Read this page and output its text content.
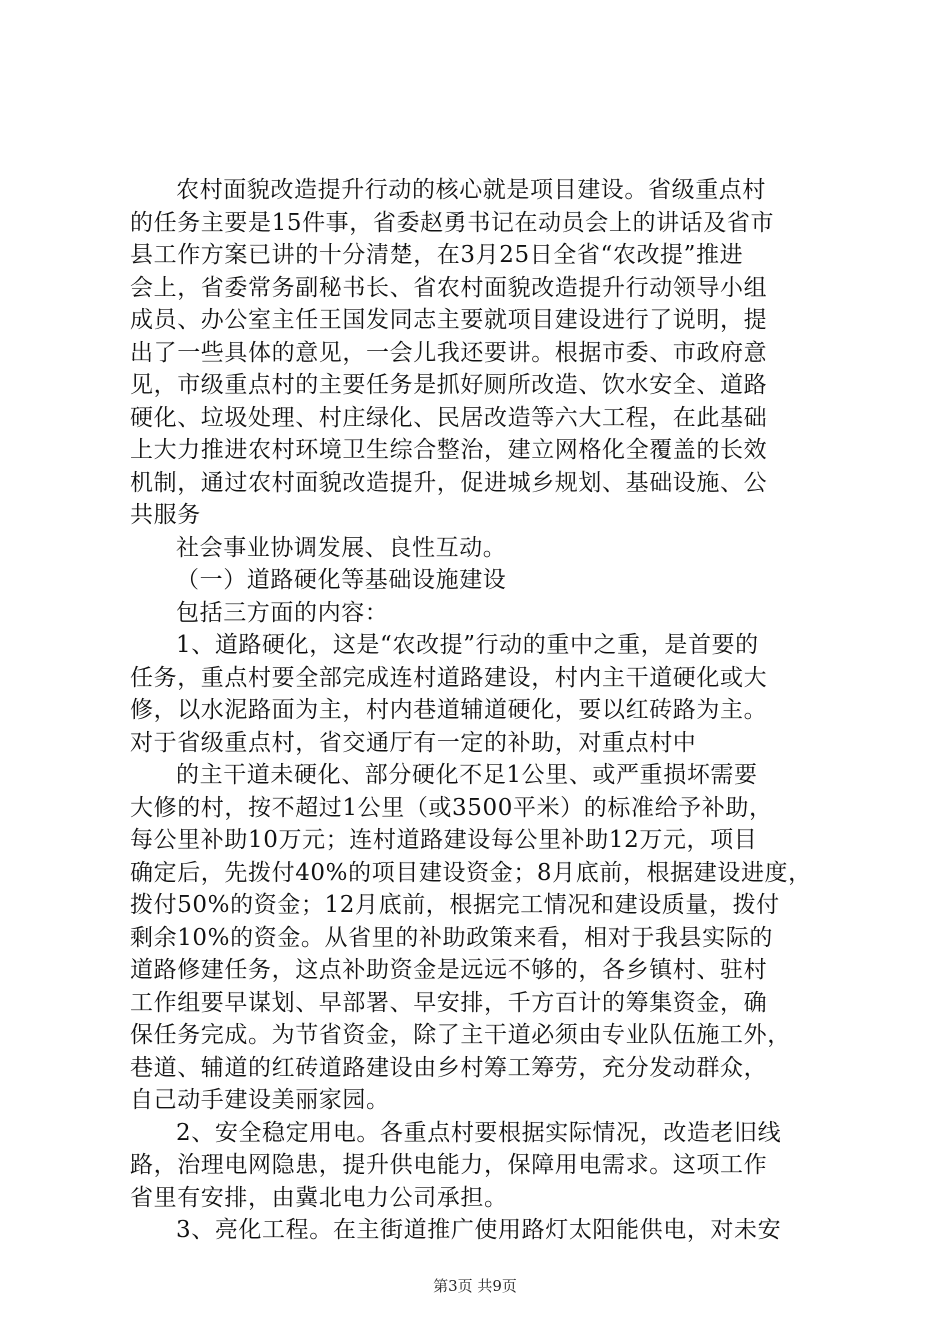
农村面貌改造提升行动的核心就是项目建设。省级重点村
的任务主要是15件事，省委赵勇书记在动员会上的讲话及省市
县工作方案已讲的十分清楚，在3月25日全省“农改提”推进
会上，省委常务副秘书长、省农村面貌改造提升行动领导小组
成员、办公室主任王国发同志主要就项目建设进行了说明，提
出了一些具体的意见，一会儿我还要讲。根据市委、市政府意
见，市级重点村的主要任务是抓好厕所改造、饮水安全、道路
硬化、垃圾处理、村庄绿化、民居改造等六大工程，在此基础
上大力推进农村环境卫生综合整治，建立网格化全覆盖的长效
机制，通过农村面貌改造提升，促进城乡规划、基础设施、公
共服务
社会事业协调发展、良性互动。
（一）道路硬化等基础设施建设
包括三方面的内容：
1、道路硬化，这是“农改提”行动的重中之重，是首要的
任务，重点村要全部完成连村道路建设，村内主干道硬化或大
修，以水泥路面为主，村内巷道辅道硬化，要以红砖路为主。
对于省级重点村，省交通厅有一定的补助，对重点村中
的主干道未硬化、部分硬化不足1公里、或严重损坏需要
大修的村，按不超过1公里（或3500平米）的标准给予补助，
每公里补助10万元；连村道路建设每公里补助12万元，项目
确定后，先拨付40%的项目建设资金；8月底前，根据建设进度，
拨付50%的资金；12月底前，根据完工情况和建设质量，拨付
剩余10%的资金。从省里的补助政策来看，相对于我县实际的
道路修建任务，这点补助资金是远远不够的，各乡镇村、驻村
工作组要早谋划、早部署、早安排，千方百计的筹集资金，确
保任务完成。为节省资金，除了主干道必须由专业队伍施工外，
巷道、辅道的红砖道路建设由乡村筹工筹劳，充分发动群众，
自己动手建设美丽家园。
2、安全稳定用电。各重点村要根据实际情况，改造老旧线
路，治理电网隐患，提升供电能力，保障用电需求。这项工作
省里有安排，由冀北电力公司承担。
3、亮化工程。在主街道推广使用路灯太阳能供电，对未安
第3页 共9页
